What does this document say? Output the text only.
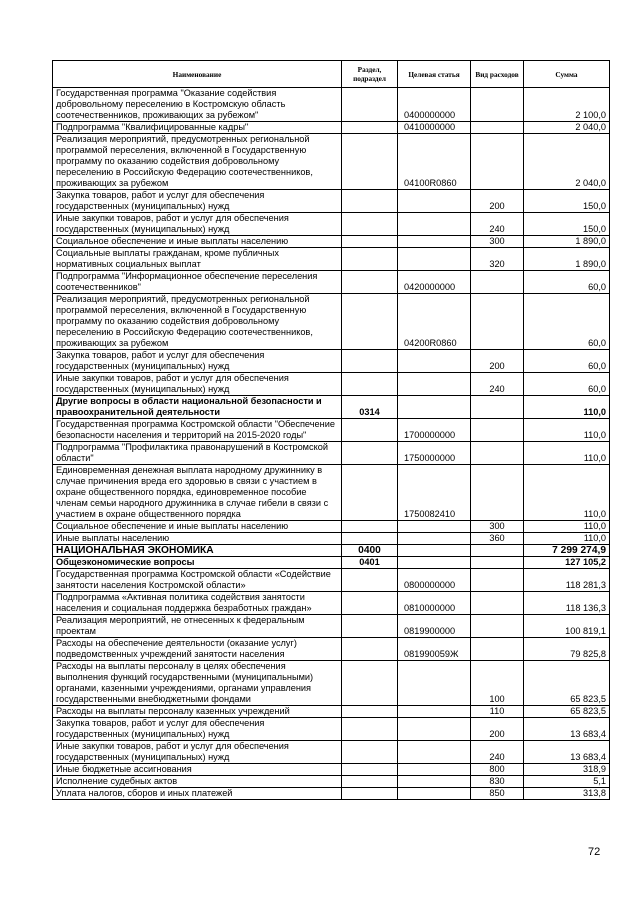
Наименование	Раздел, подраздел	Целевая статья	Вид расходов	Сумма
Государственная программа "Оказание содействия добровольному переселению в Костромскую область соотечественников, проживающих за рубежом"		0400000000		2 100,0
Подпрограмма "Квалифицированные кадры"		0410000000		2 040,0
Реализация мероприятий, предусмотренных региональной программой переселения, включенной в Государственную программу по оказанию содействия добровольному переселению в Российскую Федерацию соотечественников, проживающих за рубежом		04100R0860		2 040,0
Закупка товаров, работ и услуг для обеспечения государственных (муниципальных) нужд			200	150,0
Иные закупки товаров, работ и услуг для обеспечения государственных (муниципальных) нужд			240	150,0
Социальное обеспечение и иные выплаты населению			300	1 890,0
Социальные выплаты гражданам, кроме публичных нормативных социальных выплат			320	1 890,0
Подпрограмма "Информационное обеспечение переселения соотечественников"		0420000000		60,0
Реализация мероприятий, предусмотренных региональной программой переселения, включенной в Государственную программу по оказанию содействия добровольному переселению в Российскую Федерацию соотечественников, проживающих за рубежом		04200R0860		60,0
Закупка товаров, работ и услуг для обеспечения государственных (муниципальных) нужд			200	60,0
Иные закупки товаров, работ и услуг для обеспечения государственных (муниципальных) нужд			240	60,0
Другие вопросы в области национальной безопасности и правоохранительной деятельности	0314			110,0
Государственная программа Костромской области "Обеспечение безопасности населения и территорий на 2015-2020 годы"		1700000000		110,0
Подпрограмма "Профилактика правонарушений в Костромской области"		1750000000		110,0
Единовременная денежная выплата народному дружиннику в случае причинения вреда его здоровью в связи с участием в охране общественного порядка, единовременное пособие членам семьи народного дружинника в случае гибели в связи с участием в охране общественного порядка		1750082410		110,0
Социальное обеспечение и иные выплаты населению			300	110,0
Иные выплаты населению			360	110,0
НАЦИОНАЛЬНАЯ ЭКОНОМИКА	0400			7 299 274,9
Общеэкономические вопросы	0401			127 105,2
Государственная программа Костромской области «Содействие занятости населения Костромской области»		0800000000		118 281,3
Подпрограмма «Активная политика содействия занятости населения и социальная поддержка безработных граждан»		0810000000		118 136,3
Реализация мероприятий, не отнесенных к федеральным проектам		0819900000		100 819,1
Расходы на обеспечение деятельности (оказание услуг) подведомственных учреждений занятости населения		081990059Ж		79 825,8
Расходы на выплаты персоналу в целях обеспечения выполнения функций государственными (муниципальными) органами, казенными учреждениями, органами управления государственными внебюджетными фондами			100	65 823,5
Расходы на выплаты персоналу казенных учреждений			110	65 823,5
Закупка товаров, работ и услуг для обеспечения государственных (муниципальных) нужд			200	13 683,4
Иные закупки товаров, работ и услуг для обеспечения государственных (муниципальных) нужд			240	13 683,4
Иные бюджетные ассигнования			800	318,9
Исполнение судебных актов			830	5,1
Уплата налогов, сборов и иных платежей			850	313,8
72
